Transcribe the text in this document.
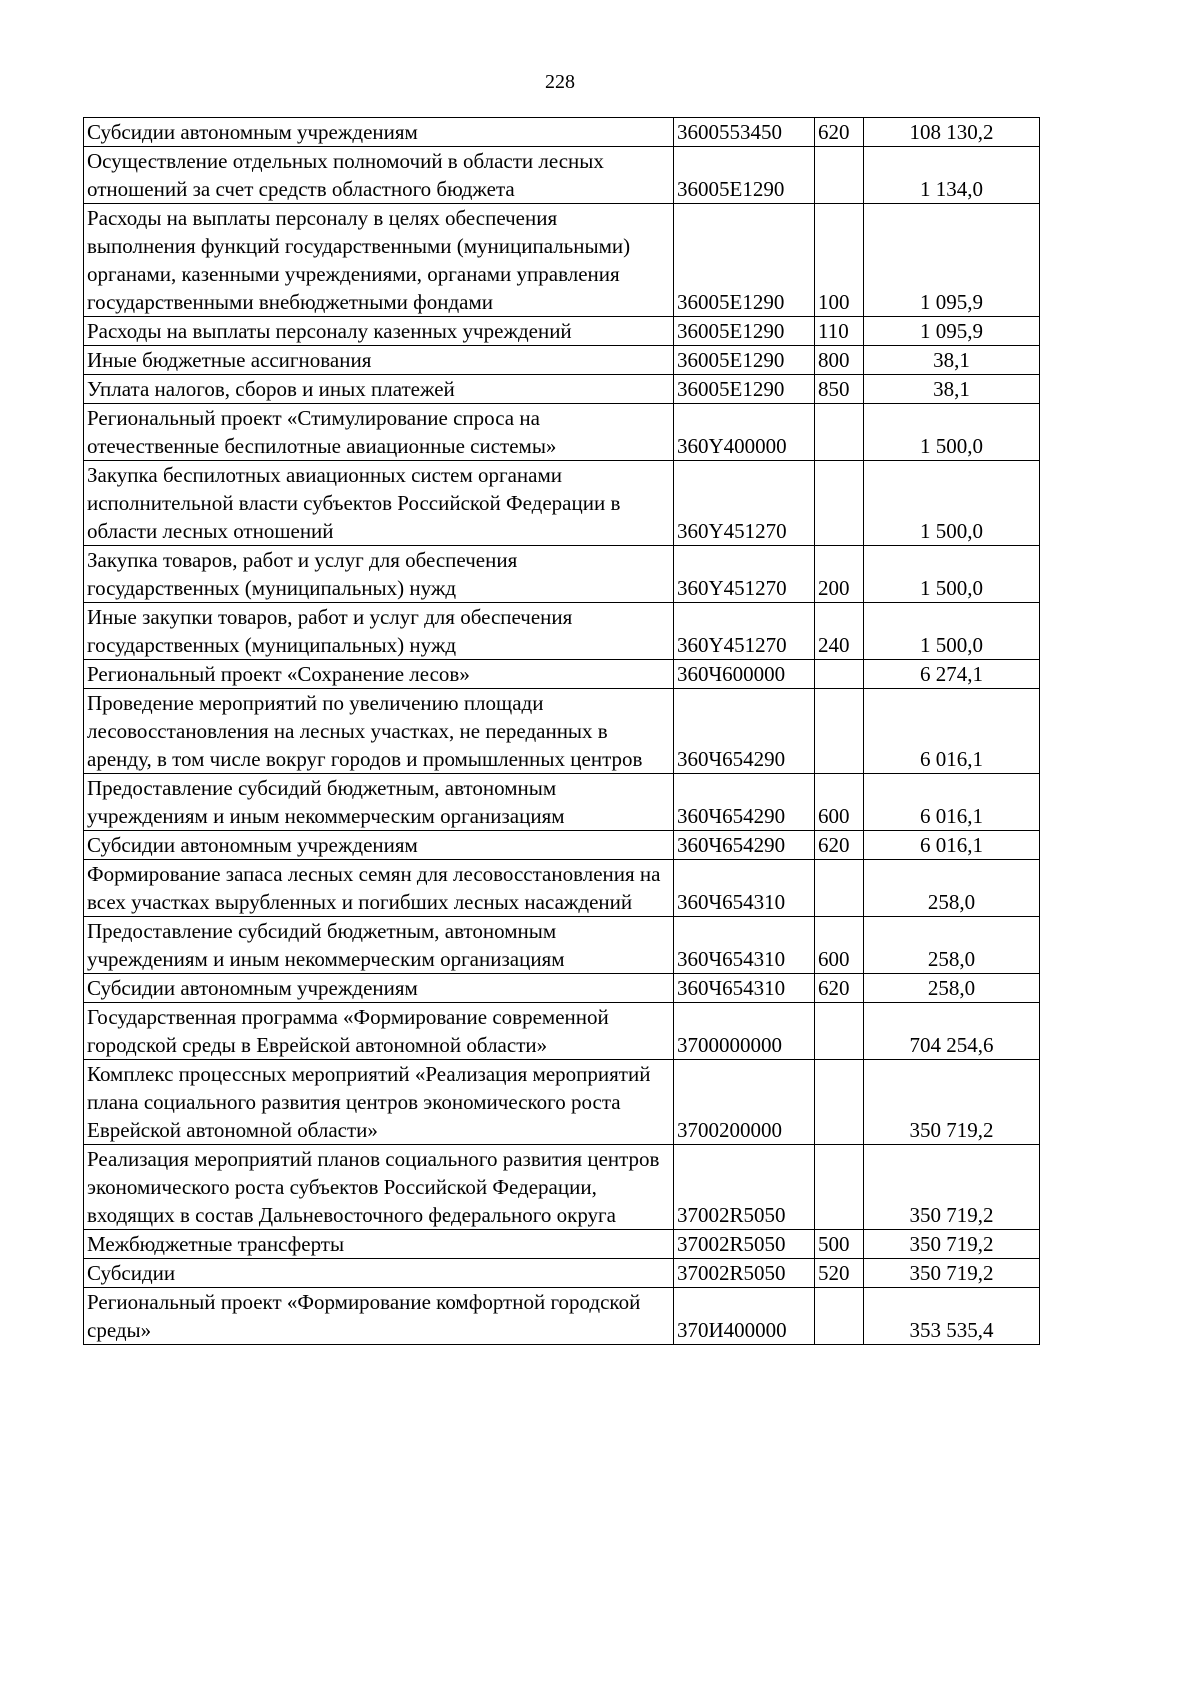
228
Субсидии автономным учреждениям	3600553450	620	108 130,2
Осуществление отдельных полномочий в области лесных отношений за счет средств областного бюджета	36005Е1290		1 134,0
Расходы на выплаты персоналу в целях обеспечения выполнения функций государственными (муниципальными) органами, казенными учреждениями, органами управления государственными внебюджетными фондами	36005Е1290	100	1 095,9
Расходы на выплаты персоналу казенных учреждений	36005Е1290	110	1 095,9
Иные бюджетные ассигнования	36005Е1290	800	38,1
Уплата налогов, сборов и иных платежей	36005Е1290	850	38,1
Региональный проект «Стимулирование спроса на отечественные беспилотные авиационные системы»	360Y400000		1 500,0
Закупка беспилотных авиационных систем органами исполнительной власти субъектов Российской Федерации в области лесных отношений	360Y451270		1 500,0
Закупка товаров, работ и услуг для обеспечения государственных (муниципальных) нужд	360Y451270	200	1 500,0
Иные закупки товаров, работ и услуг для обеспечения государственных (муниципальных) нужд	360Y451270	240	1 500,0
Региональный проект «Сохранение лесов»	360Ч600000		6 274,1
Проведение мероприятий по увеличению площади лесовосстановления на лесных участках, не переданных в аренду, в том числе вокруг городов и промышленных центров	360Ч654290		6 016,1
Предоставление субсидий бюджетным, автономным учреждениям и иным некоммерческим организациям	360Ч654290	600	6 016,1
Субсидии автономным учреждениям	360Ч654290	620	6 016,1
Формирование запаса лесных семян для лесовосстановления на всех участках вырубленных и погибших лесных насаждений	360Ч654310		258,0
Предоставление субсидий бюджетным, автономным учреждениям и иным некоммерческим организациям	360Ч654310	600	258,0
Субсидии автономным учреждениям	360Ч654310	620	258,0
Государственная программа «Формирование современной городской среды в Еврейской автономной области»	3700000000		704 254,6
Комплекс процессных мероприятий «Реализация мероприятий плана социального развития центров экономического роста Еврейской автономной области»	3700200000		350 719,2
Реализация мероприятий планов социального развития центров экономического роста субъектов Российской Федерации, входящих в состав Дальневосточного федерального округа	37002R5050		350 719,2
Межбюджетные трансферты	37002R5050	500	350 719,2
Субсидии	37002R5050	520	350 719,2
Региональный проект «Формирование комфортной городской среды»	370И400000		353 535,4
